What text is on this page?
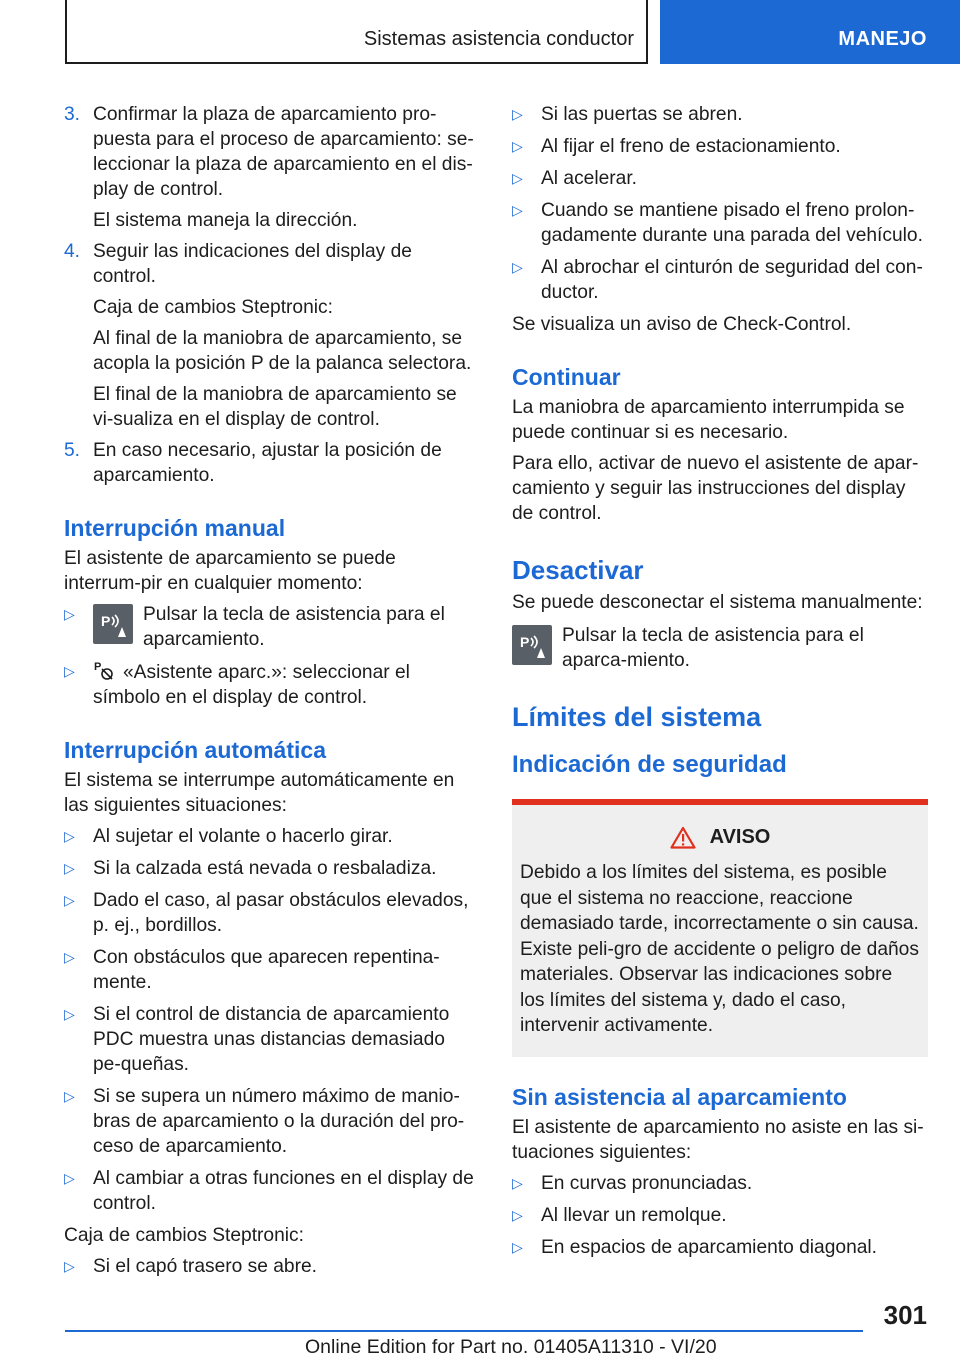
Sistemas asistencia conductor	MANEJO
3. Confirmar la plaza de aparcamiento pro-puesta para el proceso de aparcamiento: se-leccionar la plaza de aparcamiento en el dis-play de control.
El sistema maneja la dirección.
4. Seguir las indicaciones del display de control.
Caja de cambios Steptronic:
Al final de la maniobra de aparcamiento, se acopla la posición P de la palanca selectora.
El final de la maniobra de aparcamiento se vi-sualiza en el display de control.
5. En caso necesario, ajustar la posición de aparcamiento.
Interrupción manual
El asistente de aparcamiento se puede interrum-pir en cualquier momento:
▷	P Pulsar la tecla de asistencia para el aparcamiento.
▷	P «Asistente aparc.»: seleccionar el símbolo en el display de control.
Interrupción automática
El sistema se interrumpe automáticamente en las siguientes situaciones:
▷ Al sujetar el volante o hacerlo girar.
▷ Si la calzada está nevada o resbaladiza.
▷ Dado el caso, al pasar obstáculos elevados, p. ej., bordillos.
▷ Con obstáculos que aparecen repentina-mente.
▷ Si el control de distancia de aparcamiento PDC muestra unas distancias demasiado pe-queñas.
▷ Si se supera un número máximo de manio-bras de aparcamiento o la duración del pro-ceso de aparcamiento.
▷ Al cambiar a otras funciones en el display de control.
Caja de cambios Steptronic:
▷ Si el capó trasero se abre.
▷ Si las puertas se abren.
▷ Al fijar el freno de estacionamiento.
▷ Al acelerar.
▷ Cuando se mantiene pisado el freno prolon-gadamente durante una parada del vehículo.
▷ Al abrochar el cinturón de seguridad del con-ductor.
Se visualiza un aviso de Check-Control.
Continuar
La maniobra de aparcamiento interrumpida se puede continuar si es necesario.
Para ello, activar de nuevo el asistente de apar-camiento y seguir las instrucciones del display de control.
Desactivar
Se puede desconectar el sistema manualmente:
P Pulsar la tecla de asistencia para el aparca-miento.
Límites del sistema
Indicación de seguridad
AVISO
Debido a los límites del sistema, es posible que el sistema no reaccione, reaccione demasiado tarde, incorrectamente o sin causa. Existe peli-gro de accidente o peligro de daños materiales. Observar las indicaciones sobre los límites del sistema y, dado el caso, intervenir activamente.
Sin asistencia al aparcamiento
El asistente de aparcamiento no asiste en las si-tuaciones siguientes:
▷ En curvas pronunciadas.
▷ Al llevar un remolque.
▷ En espacios de aparcamiento diagonal.
301
Online Edition for Part no. 01405A11310 - VI/20
